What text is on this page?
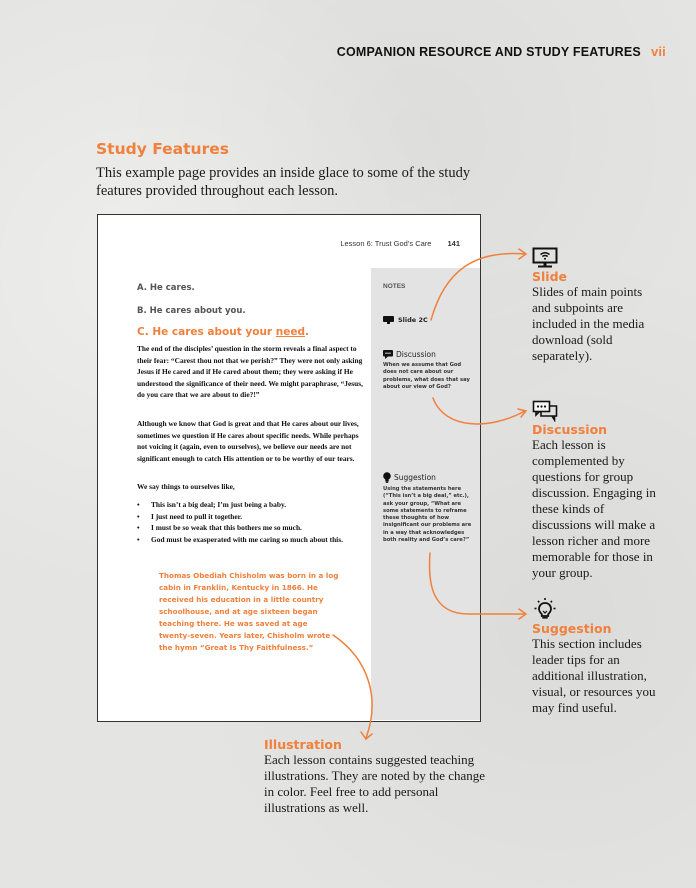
COMPANION RESOURCE AND STUDY FEATURES vii
Study Features
This example page provides an inside glace to some of the study features provided throughout each lesson.
Lesson 6: Trust God’s Care 141
A. He cares.
B. He cares about you.
C. He cares about your need.

The end of the disciples’ question in the storm reveals a final aspect to their fear: “Carest thou not that we perish?” They were not only asking Jesus if He cared and if He cared about them; they were asking if He understood the significance of their need. We might paraphrase, “Jesus, do you care that we are about to die?!”

Although we know that God is great and that He cares about our lives, sometimes we question if He cares about specific needs. While perhaps not voicing it (again, even to ourselves), we believe our needs are not significant enough to catch His attention or to be worthy of our tears.

We say things to ourselves like,

• This isn’t a big deal; I’m just being a baby.
• I just need to pull it together.
• I must be so weak that this bothers me so much.
• God must be exasperated with me caring so much about this.
Thomas Obediah Chisholm was born in a log cabin in Franklin, Kentucky in 1866. He received his education in a little country schoolhouse, and at age sixteen began teaching there. He was saved at age twenty-seven. Years later, Chisholm wrote the hymn “Great Is Thy Faithfulness.”
NOTES
Slide 2C
Discussion
When we assume that God does not care about our problems, what does that say about our view of God?
Suggestion
Using the statements here (“This isn’t a big deal,” etc.), ask your group, “What are some statements to reframe these thoughts of how insignificant our problems are in a way that acknowledges both reality and God’s care?”
Slide
Slides of main points and subpoints are included in the media download (sold separately).
Discussion
Each lesson is complemented by questions for group discussion. Engaging in these kinds of discussions will make a lesson richer and more memorable for those in your group.
Suggestion
This section includes leader tips for an additional illustration, visual, or resources you may find useful.
Illustration
Each lesson contains suggested teaching illustrations. They are noted by the change in color. Feel free to add personal illustrations as well.
